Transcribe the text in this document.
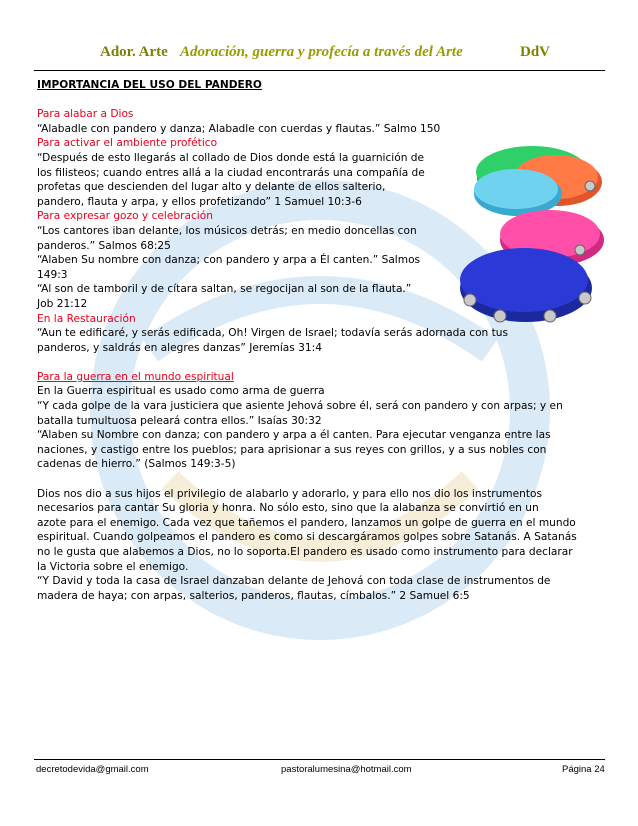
Ador. Arte Adoración, guerra y profecía a través del Arte	DdV

IMPORTANCIA DEL USO DEL PANDERO

Para alabar a Dios

“Alabadle con pandero y danza; Alabadle con cuerdas y flautas.” Salmo 150

Para activar el ambiente profético

“Después de esto llegarás al collado de Dios donde está la guarnición de

los filisteos; cuando entres allá a la ciudad encontrarás una compañía de

profetas que descienden del lugar alto y delante de ellos salterio,

pandero, flauta y arpa, y ellos profetizando” 1 Samuel 10:3-6

Para expresar gozo y celebración

“Los cantores iban delante, los músicos detrás; en medio doncellas con

panderos.” Salmos 68:25

“Alaben Su nombre con danza; con pandero y arpa a Él canten.” Salmos

149:3

“Al son de tamboril y de cítara saltan, se regocijan al son de la flauta.”

Job 21:12

En la Restauración

“Aun te edificaré, y serás edificada, Oh! Virgen de Israel; todavía serás adornada con tus

panderos, y saldrás en alegres danzas” Jeremías 31:4

Para la guerra en el mundo espiritual

En la Guerra espiritual es usado como arma de guerra

“Y cada golpe de la vara justiciera que asiente Jehová sobre él, será con pandero y con arpas; y en

batalla tumultuosa peleará contra ellos.” Isaías 30:32

“Alaben su Nombre con danza; con pandero y arpa a él canten. Para ejecutar venganza entre las

naciones, y castigo entre los pueblos; para aprisionar a sus reyes con grillos, y a sus nobles con

cadenas de hierro.” (Salmos 149:3-5)

Dios nos dio a sus hijos el privilegio de alabarlo y adorarlo, y para ello nos dio los instrumentos

necesarios para cantar Su gloria y honra. No sólo esto, sino que la alabanza se convirtió en un

azote para el enemigo. Cada vez que tañemos el pandero, lanzamos un golpe de guerra en el mundo

espiritual. Cuando golpeamos el pandero es como si descargáramos golpes sobre Satanás. A Satanás

no le gusta que alabemos a Dios, no lo soporta.El pandero es usado como instrumento para declarar

la Victoria sobre el enemigo.

“Y David y toda la casa de Israel danzaban delante de Jehová con toda clase de instrumentos de

madera de haya; con arpas, salterios, panderos, flautas, címbalos.” 2 Samuel 6:5

decretodevida@gmail.com	pastoralumesina@hotmail.com	Página 24
